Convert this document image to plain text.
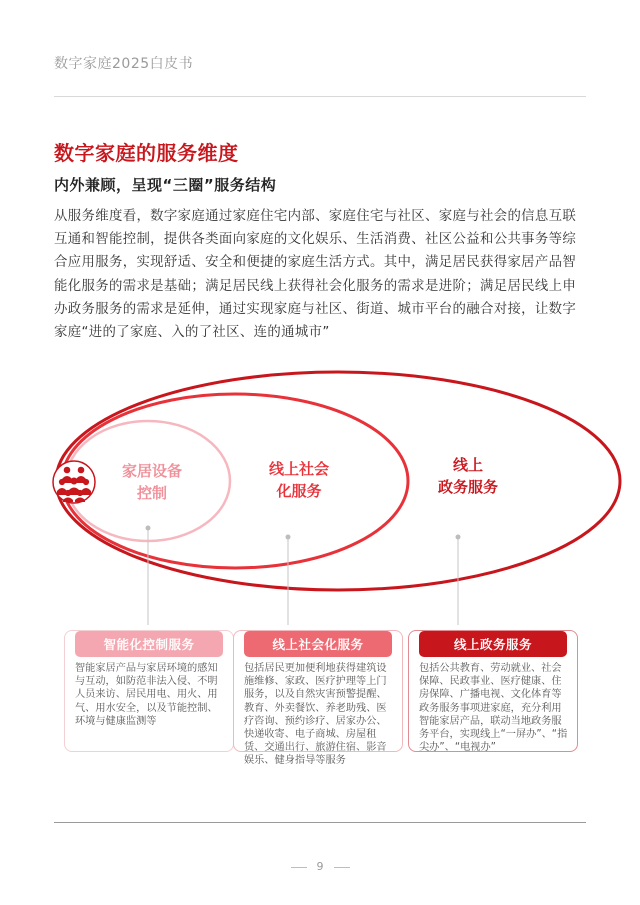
数字家庭2025白皮书
数字家庭的服务维度
内外兼顾，呈现“三圈”服务结构
从服务维度看，数字家庭通过家庭住宅内部、家庭住宅与社区、家庭与社会的信息互联互通和智能控制，提供各类面向家庭的文化娱乐、生活消费、社区公益和公共事务等综合应用服务，实现舒适、安全和便捷的家庭生活方式。其中，满足居民获得家居产品智能化服务的需求是基础；满足居民线上获得社会化服务的需求是进阶；满足居民线上申办政务服务的需求是延伸，通过实现家庭与社区、街道、城市平台的融合对接，让数字家庭“进的了家庭、入的了社区、连的通城市”
家居设备
控制
线上社会
化服务
线上
政务服务
智能化控制服务
智能家居产品与家居环境的感知与互动，如防范非法入侵、不明人员来访、居民用电、用火、用气、用水安全，以及节能控制、环境与健康监测等
线上社会化服务
包括居民更加便利地获得建筑设施维修、家政、医疗护理等上门服务，以及自然灾害预警提醒、教育、外卖餐饮、养老助残、医疗咨询、预约诊疗、居家办公、快递收寄、电子商城、房屋租赁、交通出行、旅游住宿、影音娱乐、健身指导等服务
线上政务服务
包括公共教育、劳动就业、社会保障、民政事业、医疗健康、住房保障、广播电视、文化体育等政务服务事项进家庭，充分利用智能家居产品，联动当地政务服务平台，实现线上“一屏办”、“指尖办”、“电视办”
9
